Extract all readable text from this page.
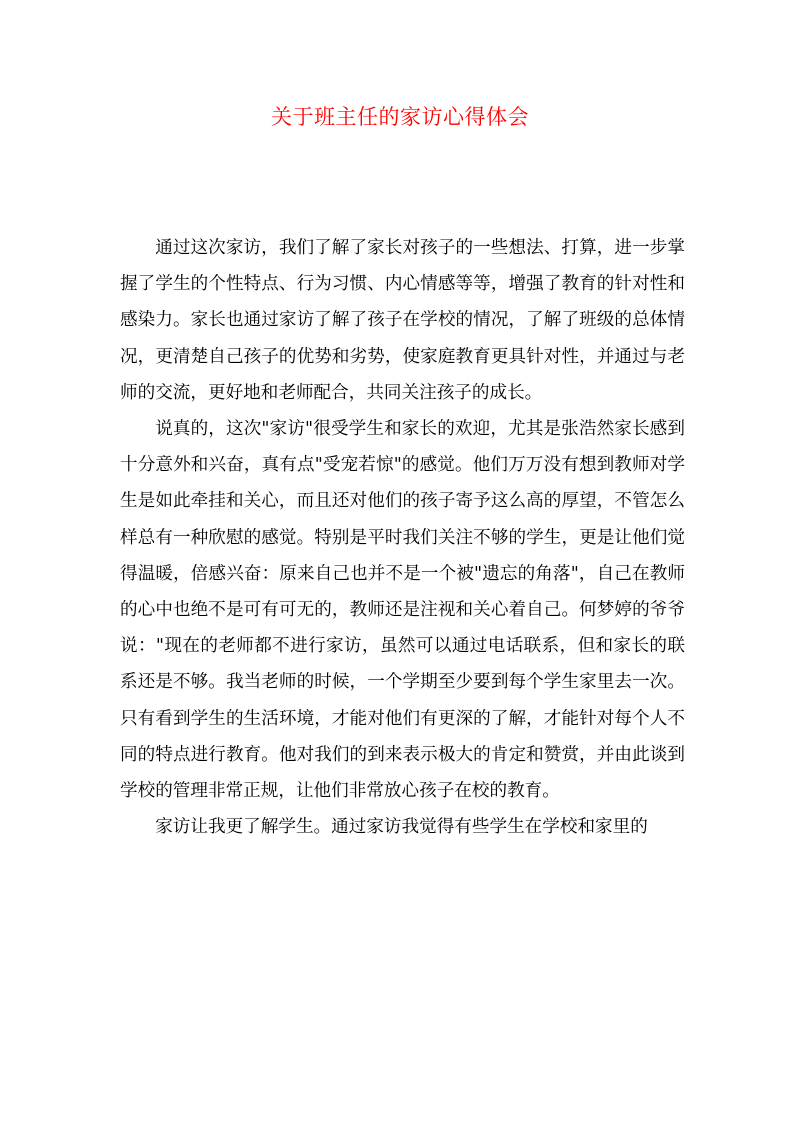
关于班主任的家访心得体会

通过这次家访，我们了解了家长对孩子的一些想法、打算，进一步掌握了学生的个性特点、行为习惯、内心情感等等，增强了教育的针对性和感染力。家长也通过家访了解了孩子在学校的情况，了解了班级的总体情况，更清楚自己孩子的优势和劣势，使家庭教育更具针对性，并通过与老师的交流，更好地和老师配合，共同关注孩子的成长。

说真的，这次"家访"很受学生和家长的欢迎，尤其是张浩然家长感到十分意外和兴奋，真有点"受宠若惊"的感觉。他们万万没有想到教师对学生是如此牵挂和关心，而且还对他们的孩子寄予这么高的厚望，不管怎么样总有一种欣慰的感觉。特别是平时我们关注不够的学生，更是让他们觉得温暖，倍感兴奋：原来自己也并不是一个被"遗忘的角落"，自己在教师的心中也绝不是可有可无的，教师还是注视和关心着自己。何梦婷的爷爷说："现在的老师都不进行家访，虽然可以通过电话联系，但和家长的联系还是不够。我当老师的时候，一个学期至少要到每个学生家里去一次。只有看到学生的生活环境，才能对他们有更深的了解，才能针对每个人不同的特点进行教育。他对我们的到来表示极大的肯定和赞赏，并由此谈到学校的管理非常正规，让他们非常放心孩子在校的教育。

家访让我更了解学生。通过家访我觉得有些学生在学校和家里的
